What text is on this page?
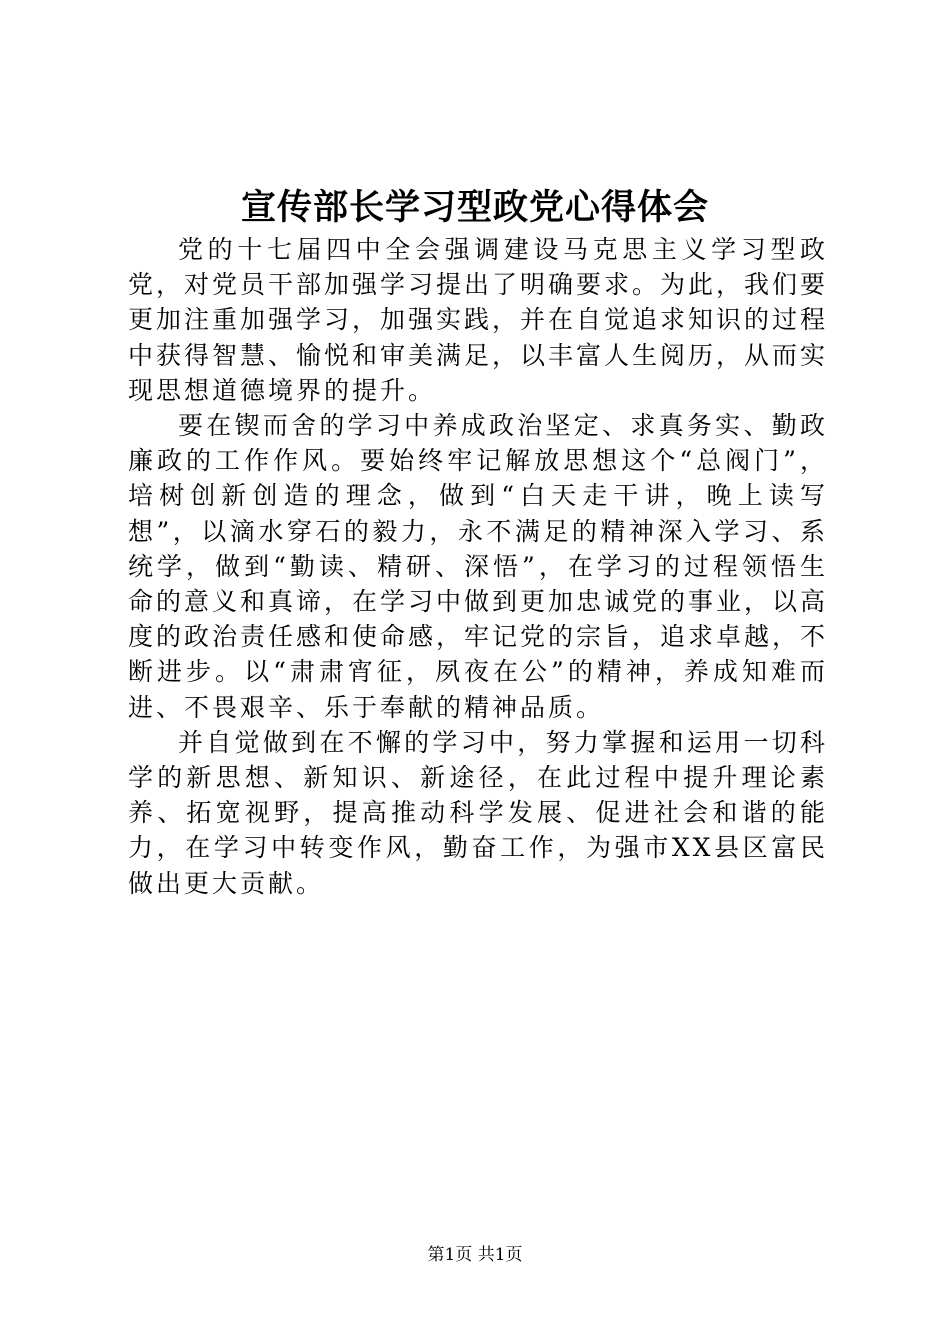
宣传部长学习型政党心得体会

党的十七届四中全会强调建设马克思主义学习型政党，对党员干部加强学习提出了明确要求。为此，我们要更加注重加强学习，加强实践，并在自觉追求知识的过程中获得智慧、愉悦和审美满足，以丰富人生阅历，从而实现思想道德境界的提升。

要在锲而舍的学习中养成政治坚定、求真务实、勤政廉政的工作作风。要始终牢记解放思想这个“总阀门”，培树创新创造的理念，做到“白天走干讲，晚上读写想”，以滴水穿石的毅力，永不满足的精神深入学习、系统学，做到“勤读、精研、深悟”，在学习的过程领悟生命的意义和真谛，在学习中做到更加忠诚党的事业，以高度的政治责任感和使命感，牢记党的宗旨，追求卓越，不断进步。以“肃肃宵征，夙夜在公”的精神，养成知难而进、不畏艰辛、乐于奉献的精神品质。

并自觉做到在不懈的学习中，努力掌握和运用一切科学的新思想、新知识、新途径，在此过程中提升理论素养、拓宽视野，提高推动科学发展、促进社会和谐的能力，在学习中转变作风，勤奋工作，为强市XX县区富民做出更大贡献。

第1页 共1页
